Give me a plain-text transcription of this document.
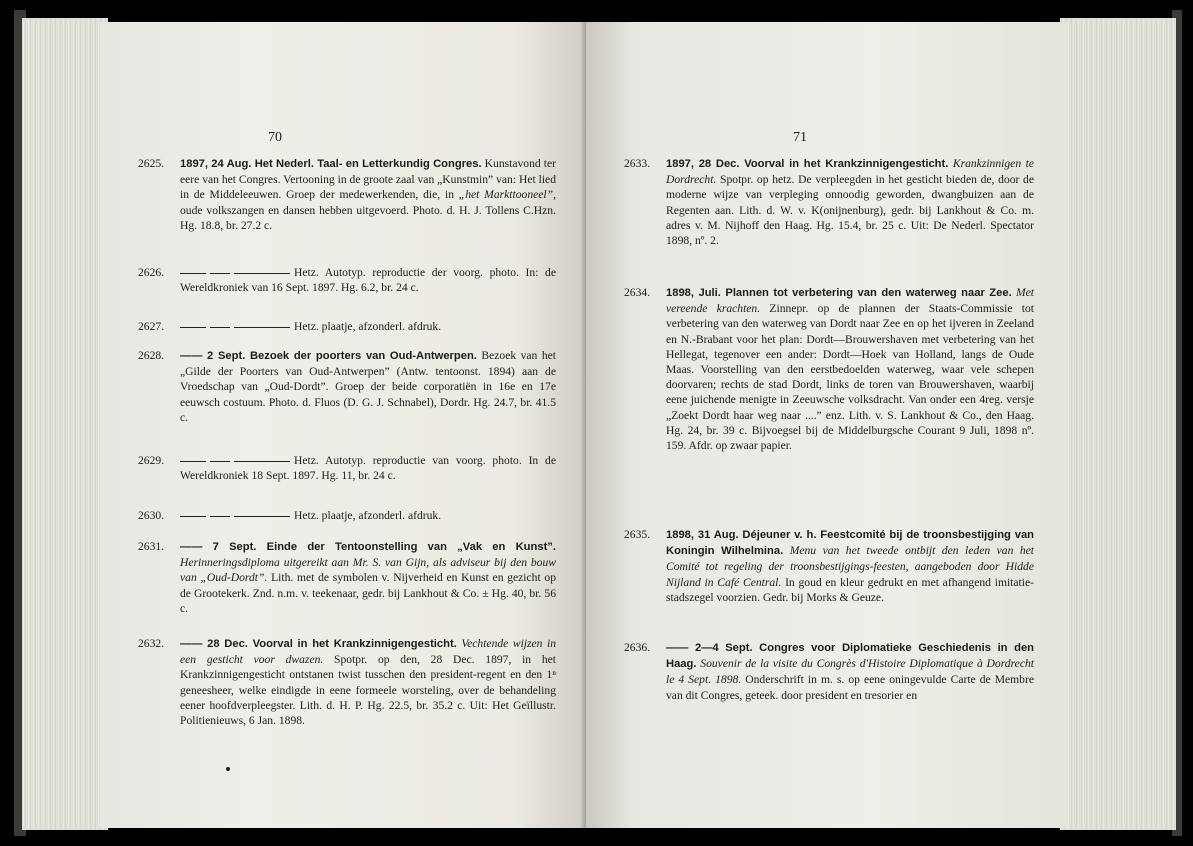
70
2625.	1897, 24 Aug. Het Nederl. Taal- en Letterkundig Congres. Kunstavond ter eere van het Congres. Vertooning in de groote zaal van „Kunstmin” van: Het lied in de Middeleeuwen. Groep der medewerkenden, die, in „het Markttooneel”, oude volkszangen en dansen hebben uitgevoerd. Photo. d. H. J. Tollens C.Hzn. Hg. 18.8, br. 27.2 c.
2626.	Hetz. Autotyp. reproductie der voorg. photo. In: de Wereldkroniek van 16 Sept. 1897. Hg. 6.2, br. 24 c.
2627.	Hetz. plaatje, afzonderl. afdruk.
2628.	—— 2 Sept. Bezoek der poorters van Oud-Antwerpen. Bezoek van het „Gilde der Poorters van Oud-Antwerpen” (Antw. tentoonst. 1894) aan de Vroedschap van „Oud-Dordt”. Groep der beide corporatiën in 16e en 17e eeuwsch costuum. Photo. d. Fluos (D. G. J. Schnabel), Dordr. Hg. 24.7, br. 41.5 c.
2629.	Hetz. Autotyp. reproductie van voorg. photo. In de Wereldkroniek 18 Sept. 1897. Hg. 11, br. 24 c.
2630.	Hetz. plaatje, afzonderl. afdruk.
2631.	—— 7 Sept. Einde der Tentoonstelling van „Vak en Kunst”. Herinneringsdiploma uitgereikt aan Mr. S. van Gijn, als adviseur bij den bouw van „Oud-Dordt”. Lith. met de symbolen v. Nijverheid en Kunst en gezicht op de Grootekerk. Znd. n.m. v. teekenaar, gedr. bij Lankhout & Co. ± Hg. 40, br. 56 c.
2632.	—— 28 Dec. Voorval in het Krankzinnigengesticht. Vechtende wijzen in een gesticht voor dwazen. Spotpr. op den, 28 Dec. 1897, in het Krankzinnigengesticht ontstanen twist tusschen den president-regent en den 1ⁿ geneesheer, welke eindigde in eene formeele worsteling, over de behandeling eener hoofdverpleegster. Lith. d. H. P. Hg. 22.5, br. 35.2 c. Uit: Het Geïllustr. Politienieuws, 6 Jan. 1898.
71
2633.	1897, 28 Dec. Voorval in het Krankzinnigengesticht. Krankzinnigen te Dordrecht. Spotpr. op hetz. De verpleegden in het gesticht bieden de, door de moderne wijze van verpleging onnoodig geworden, dwangbuizen aan de Regenten aan. Lith. d. W. v. K(onijnenburg), gedr. bij Lankhout & Co. m. adres v. M. Nijhoff den Haag. Hg. 15.4, br. 25 c. Uit: De Nederl. Spectator 1898, nº. 2.
2634.	1898, Juli. Plannen tot verbetering van den waterweg naar Zee. Met vereende krachten. Zinnepr. op de plannen der Staats-Commissie tot verbetering van den waterweg van Dordt naar Zee en op het ijveren in Zeeland en N.-Brabant voor het plan: Dordt—Brouwershaven met verbetering van het Hellegat, tegenover een ander: Dordt—Hoek van Holland, langs de Oude Maas. Voorstelling van den eerstbedoelden waterweg, waar vele schepen doorvaren; rechts de stad Dordt, links de toren van Brouwershaven, waarbij eene juichende menigte in Zeeuwsche volksdracht. Van onder een 4reg. versje „Zoekt Dordt haar weg naar ....” enz. Lith. v. S. Lankhout & Co., den Haag. Hg. 24, br. 39 c. Bijvoegsel bij de Middelburgsche Courant 9 Juli, 1898 nº. 159. Afdr. op zwaar papier.
2635.	1898, 31 Aug. Déjeuner v. h. Feestcomité bij de troonsbestijging van Koningin Wilhelmina. Menu van het tweede ontbijt den leden van het Comité tot regeling der troonsbestijgings-feesten, aangeboden door Hidde Nijland in Café Central. In goud en kleur gedrukt en met afhangend imitatie-stadszegel voorzien. Gedr. bij Morks & Geuze.
2636.	—— 2—4 Sept. Congres voor Diplomatieke Geschiedenis in den Haag. Souvenir de la visite du Congrès d'Histoire Diplomatique à Dordrecht le 4 Sept. 1898. Onderschrift in m. s. op eene oningevulde Carte de Membre van dit Congres, geteek. door president en tresorier en
